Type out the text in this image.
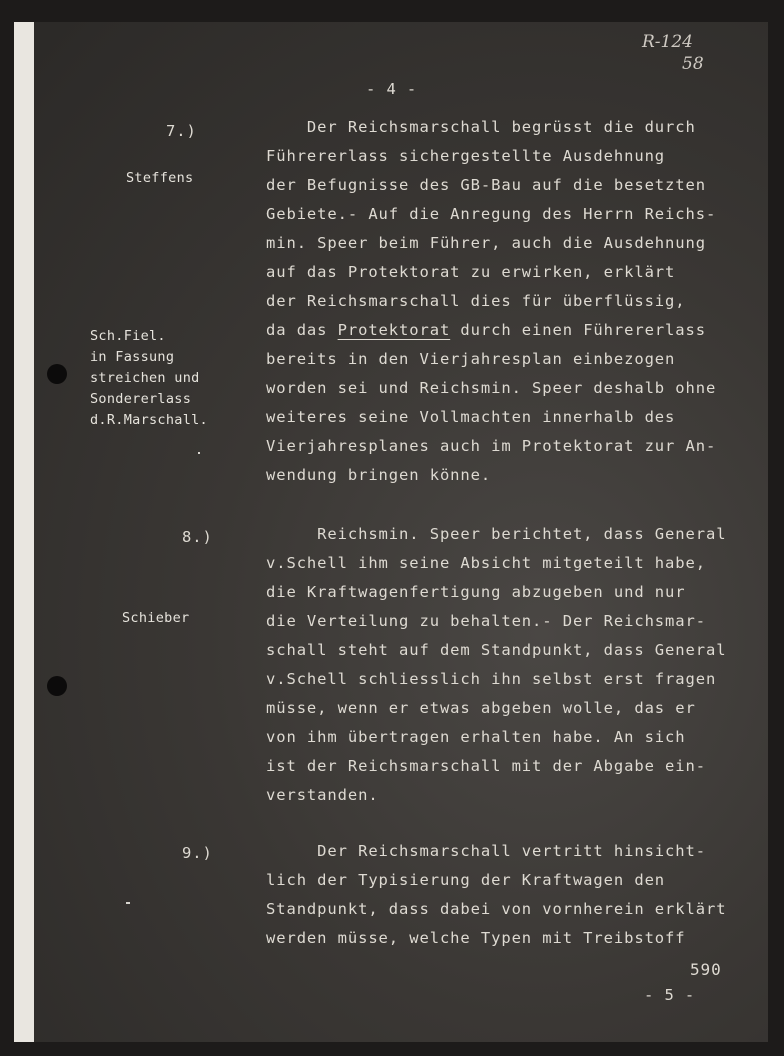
R-124
58
- 4 -
7.)
Steffens
Der Reichsmarschall begrüsst die durch
Führererlass sichergestellte Ausdehnung
der Befugnisse des GB-Bau auf die besetzten
Gebiete.- Auf die Anregung des Herrn Reichs-
min. Speer beim Führer, auch die Ausdehnung
auf das Protektorat zu erwirken, erklärt
der Reichsmarschall dies für überflüssig,
da das Protektorat durch einen Führererlass
bereits in den Vierjahresplan einbezogen
worden sei und Reichsmin. Speer deshalb ohne
weiteres seine Vollmachten innerhalb des
Vierjahresplanes auch im Protektorat zur An-
wendung bringen könne.
Sch.Fiel.
in Fassung
streichen und
Sondererlass
d.R.Marschall.
8.)
Schieber
Reichsmin. Speer berichtet, dass General
v.Schell ihm seine Absicht mitgeteilt habe,
die Kraftwagenfertigung abzugeben und nur
die Verteilung zu behalten.- Der Reichsmar-
schall steht auf dem Standpunkt, dass General
v.Schell schliesslich ihn selbst erst fragen
müsse, wenn er etwas abgeben wolle, das er
von ihm übertragen erhalten habe. An sich
ist der Reichsmarschall mit der Abgabe ein-
verstanden.
9.)	Der Reichsmarschall vertritt hinsicht-
lich der Typisierung der Kraftwagen den
Standpunkt, dass dabei von vornherein erklärt
werden müsse, welche Typen mit Treibstoff
590
- 5 -
